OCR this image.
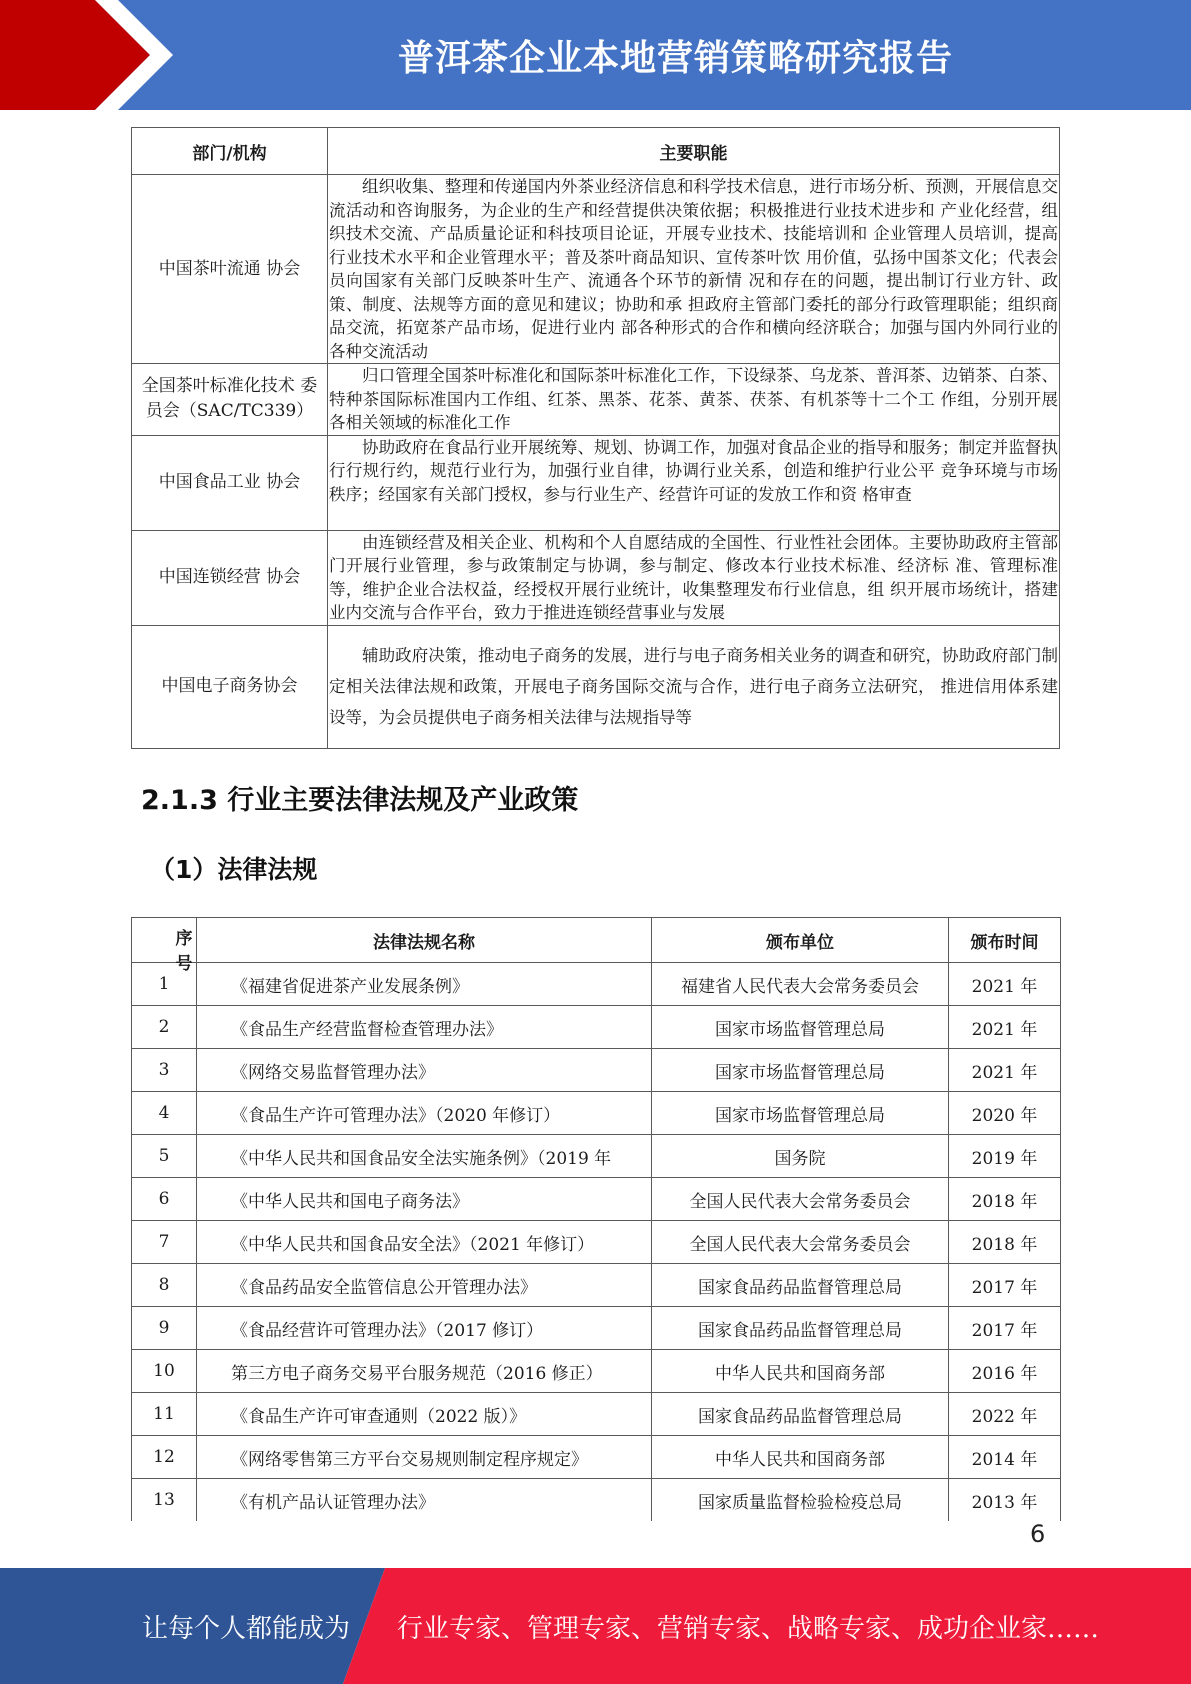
普洱茶企业本地营销策略研究报告
部门/机构	主要职能
中国茶叶流通 协会	组织收集、整理和传递国内外茶业经济信息和科学技术信息，进行市场分析、预测，开展信息交流活动和咨询服务，为企业的生产和经营提供决策依据；积极推进行业技术进步和 产业化经营，组织技术交流、产品质量论证和科技项目论证，开展专业技术、技能培训和 企业管理人员培训，提高行业技术水平和企业管理水平；普及茶叶商品知识、宣传茶叶饮 用价值，弘扬中国茶文化；代表会员向国家有关部门反映茶叶生产、流通各个环节的新情 况和存在的问题，提出制订行业方针、政策、制度、法规等方面的意见和建议；协助和承 担政府主管部门委托的部分行政管理职能；组织商品交流，拓宽茶产品市场，促进行业内 部各种形式的合作和横向经济联合；加强与国内外同行业的各种交流活动
全国茶叶标准化技术 委员会（SAC/TC339）	归口管理全国茶叶标准化和国际茶叶标准化工作，下设绿茶、乌龙茶、普洱茶、边销茶、白茶、特种茶国际标准国内工作组、红茶、黑茶、花茶、黄茶、茯茶、有机茶等十二个工 作组，分别开展各相关领域的标准化工作
中国食品工业 协会	协助政府在食品行业开展统筹、规划、协调工作，加强对食品企业的指导和服务；制定并监督执行行规行约，规范行业行为，加强行业自律，协调行业关系，创造和维护行业公平 竞争环境与市场秩序；经国家有关部门授权，参与行业生产、经营许可证的发放工作和资 格审查
中国连锁经营 协会	由连锁经营及相关企业、机构和个人自愿结成的全国性、行业性社会团体。主要协助政府主管部门开展行业管理，参与政策制定与协调，参与制定、修改本行业技术标准、经济标 准、管理标准等，维护企业合法权益，经授权开展行业统计，收集整理发布行业信息，组 织开展市场统计，搭建业内交流与合作平台，致力于推进连锁经营事业与发展
中国电子商务协会	辅助政府决策，推动电子商务的发展，进行与电子商务相关业务的调查和研究，协助政府部门制定相关法律法规和政策，开展电子商务国际交流与合作，进行电子商务立法研究， 推进信用体系建设等，为会员提供电子商务相关法律与法规指导等
2.1.3 行业主要法律法规及产业政策
（1）法律法规
序号	法律法规名称	颁布单位	颁布时间
1	《福建省促进茶产业发展条例》	福建省人民代表大会常务委员会	2021 年
2	《食品生产经营监督检查管理办法》	国家市场监督管理总局	2021 年
3	《网络交易监督管理办法》	国家市场监督管理总局	2021 年
4	《食品生产许可管理办法》（2020 年修订）	国家市场监督管理总局	2020 年
5	《中华人民共和国食品安全法实施条例》（2019 年	国务院	2019 年
6	《中华人民共和国电子商务法》	全国人民代表大会常务委员会	2018 年
7	《中华人民共和国食品安全法》（2021 年修订）	全国人民代表大会常务委员会	2018 年
8	《食品药品安全监管信息公开管理办法》	国家食品药品监督管理总局	2017 年
9	《食品经营许可管理办法》（2017 修订）	国家食品药品监督管理总局	2017 年
10	第三方电子商务交易平台服务规范（2016 修正）	中华人民共和国商务部	2016 年
11	《食品生产许可审查通则（2022 版）》	国家食品药品监督管理总局	2022 年
12	《网络零售第三方平台交易规则制定程序规定》	中华人民共和国商务部	2014 年
13	《有机产品认证管理办法》	国家质量监督检验检疫总局	2013 年
6
让每个人都能成为 行业专家、管理专家、营销专家、战略专家、成功企业家……
